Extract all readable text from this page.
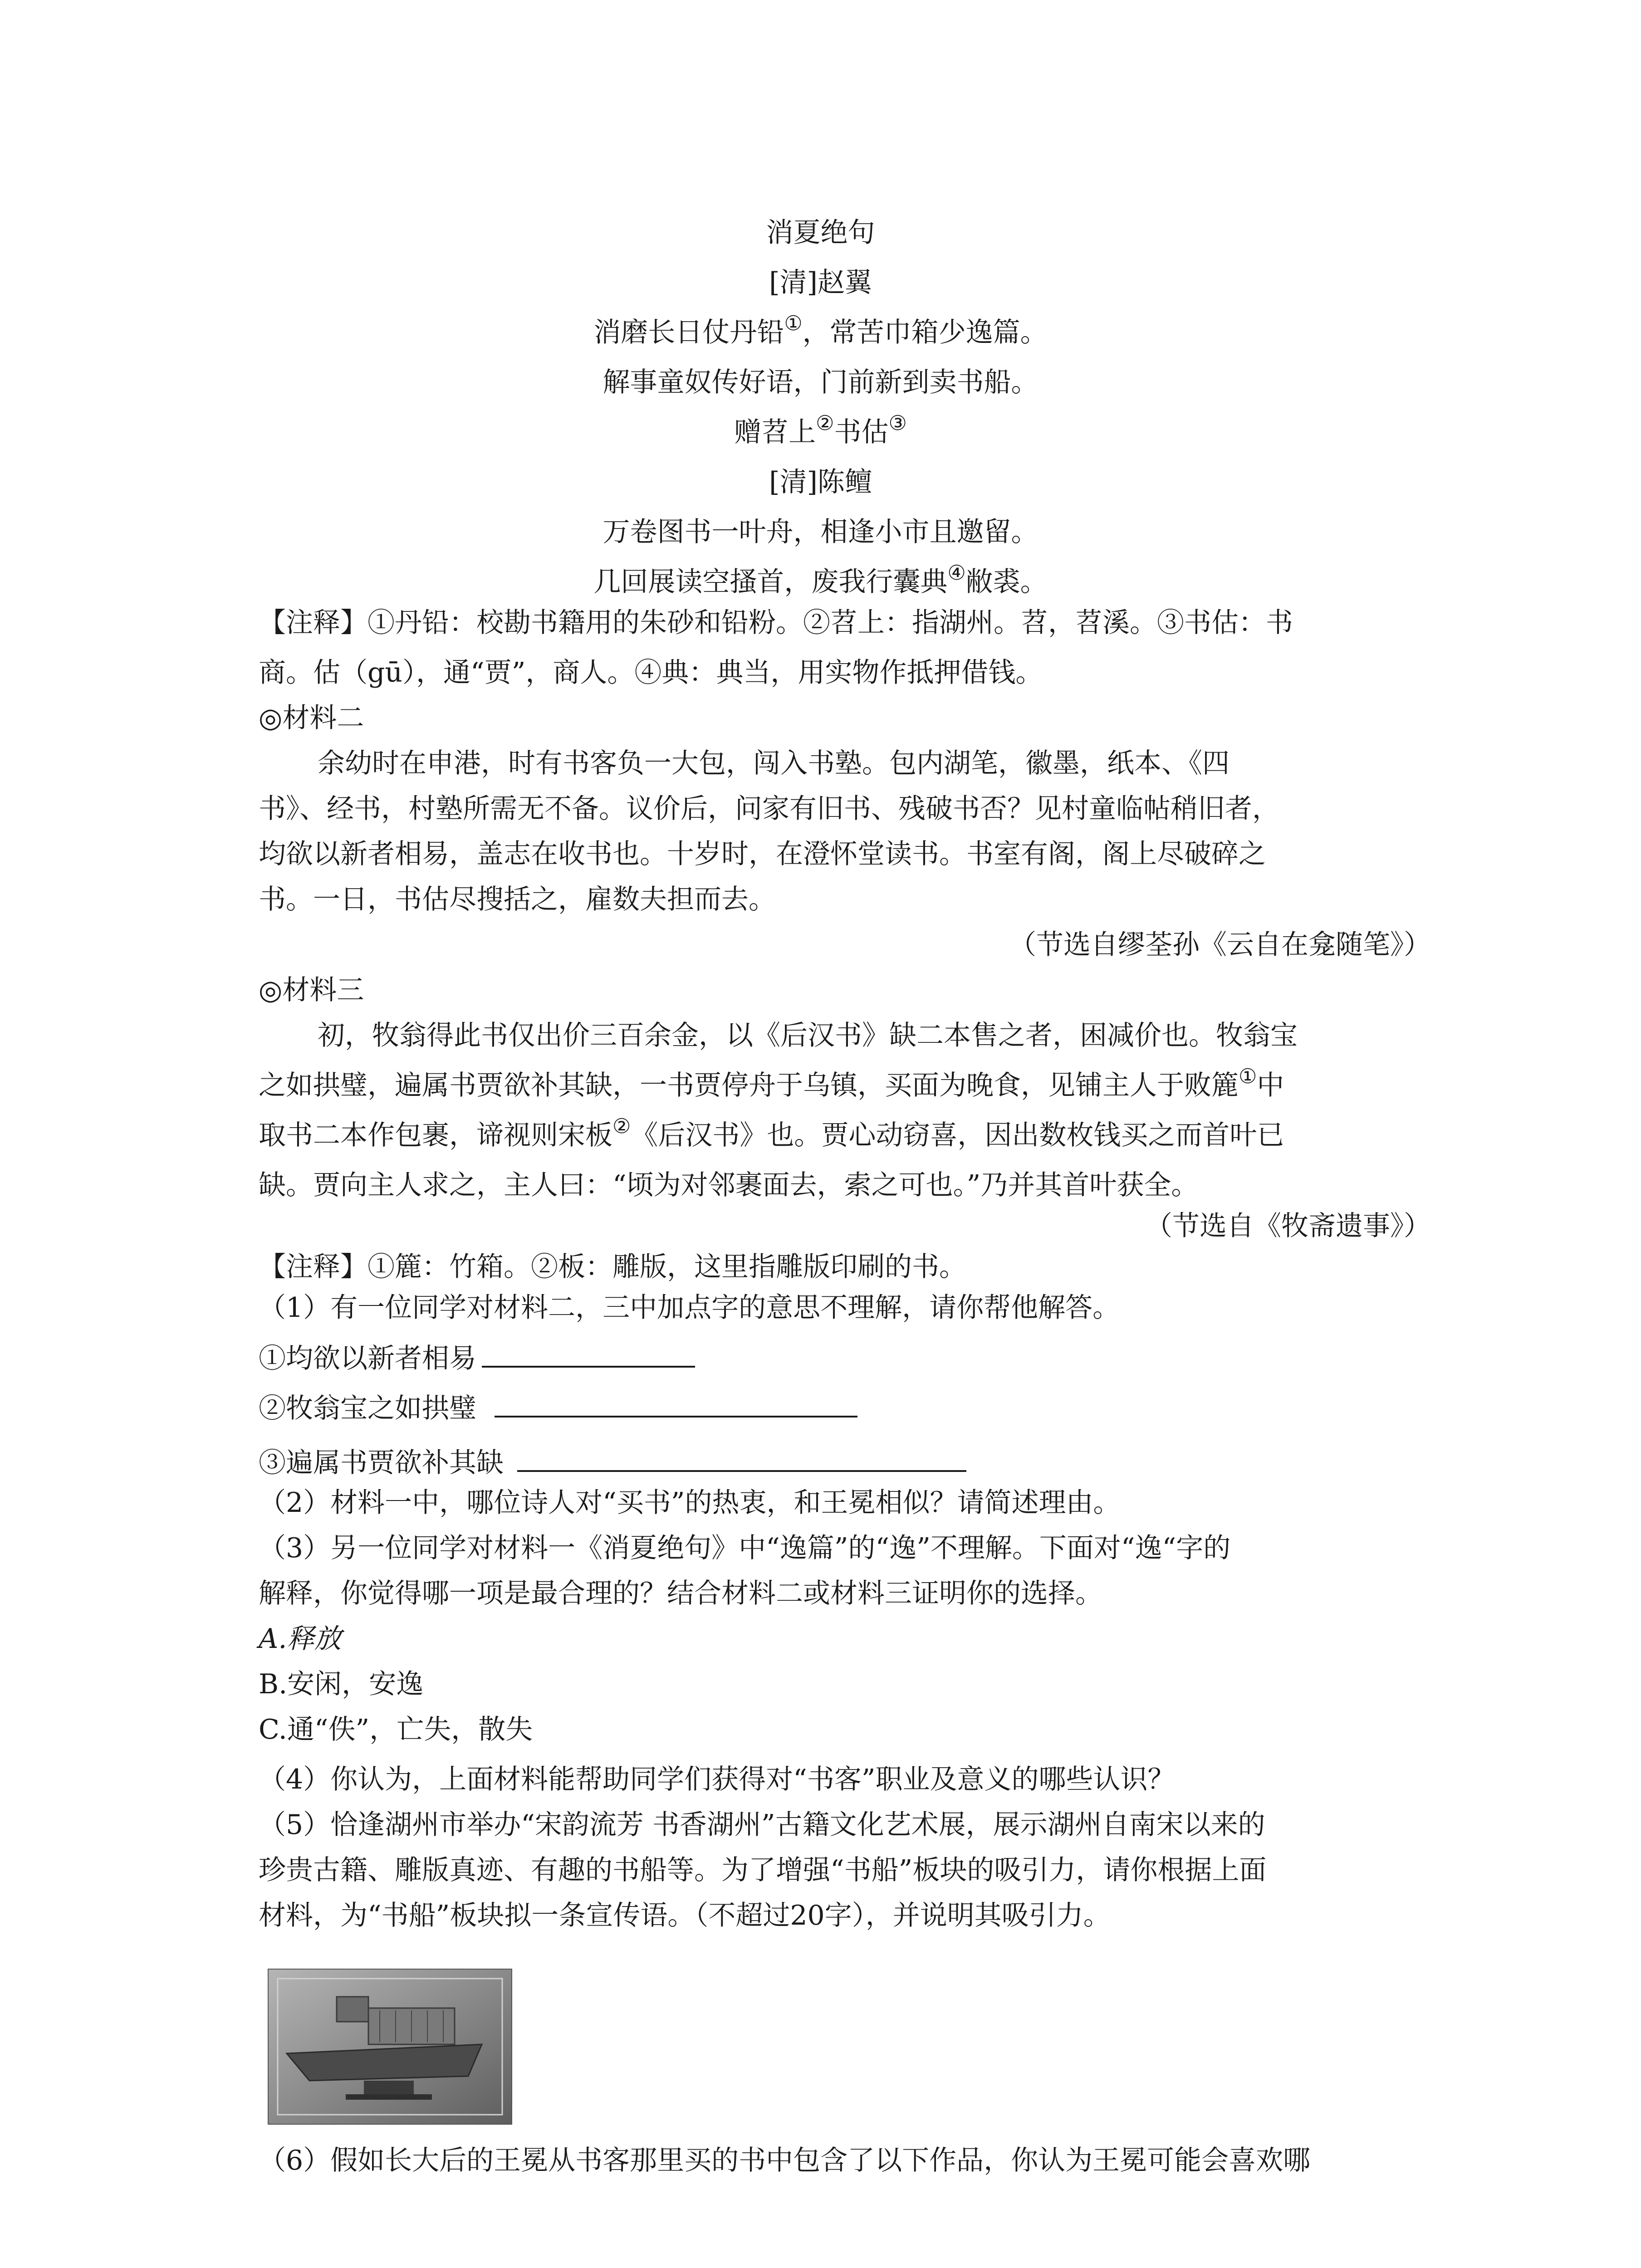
消夏绝句
[清]赵翼
消磨长日仗丹铅①，常苦巾箱少逸篇。
解事童奴传好语，门前新到卖书船。
赠苕上②书估③
[清]陈鳣
万卷图书一叶舟，相逢小市且邀留。
几回展读空搔首，废我行囊典④敝裘。
【注释】①丹铅：校勘书籍用的朱砂和铅粉。②苕上：指湖州。苕，苕溪。③书估：书
商。估（gū），通“贾”，商人。④典：典当，用实物作抵押借钱。
◎材料二
余幼时在申港，时有书客负一大包，闯入书塾。包内湖笔，徽墨，纸本、《四
书》、经书，村塾所需无不备。议价后，问家有旧书、残破书否？见村童临帖稍旧者，
均欲以新者相易，盖志在收书也。十岁时，在澄怀堂读书。书室有阁，阁上尽破碎之
书。一日，书估尽搜括之，雇数夫担而去。
（节选自缪荃孙《云自在龛随笔》）
◎材料三
初，牧翁得此书仅出价三百余金，以《后汉书》缺二本售之者，困减价也。牧翁宝
之如拱璧，遍属书贾欲补其缺，一书贾停舟于乌镇，买面为晚食，见铺主人于败簏①中
取书二本作包裹，谛视则宋板②《后汉书》也。贾心动窃喜，因出数枚钱买之而首叶已
缺。贾向主人求之，主人曰：“顷为对邻裹面去，索之可也。”乃并其首叶获全。
（节选自《牧斋遗事》）
【注释】①簏：竹箱。②板：雕版，这里指雕版印刷的书。
（1）有一位同学对材料二，三中加点字的意思不理解，请你帮他解答。
①均欲以新者相易
②牧翁宝之如拱璧
③遍属书贾欲补其缺
（2）材料一中，哪位诗人对“买书”的热衷，和王冕相似？请简述理由。
（3）另一位同学对材料一《消夏绝句》中“逸篇”的“逸”不理解。下面对“逸“字的
解释，你觉得哪一项是最合理的？结合材料二或材料三证明你的选择。
A.释放
B.安闲，安逸
C.通“佚”，亡失，散失
（4）你认为，上面材料能帮助同学们获得对“书客”职业及意义的哪些认识？
（5）恰逢湖州市举办“宋韵流芳 书香湖州”古籍文化艺术展，展示湖州自南宋以来的
珍贵古籍、雕版真迹、有趣的书船等。为了增强“书船”板块的吸引力，请你根据上面
材料，为“书船”板块拟一条宣传语。（不超过20字），并说明其吸引力。
（6）假如长大后的王冕从书客那里买的书中包含了以下作品，你认为王冕可能会喜欢哪
